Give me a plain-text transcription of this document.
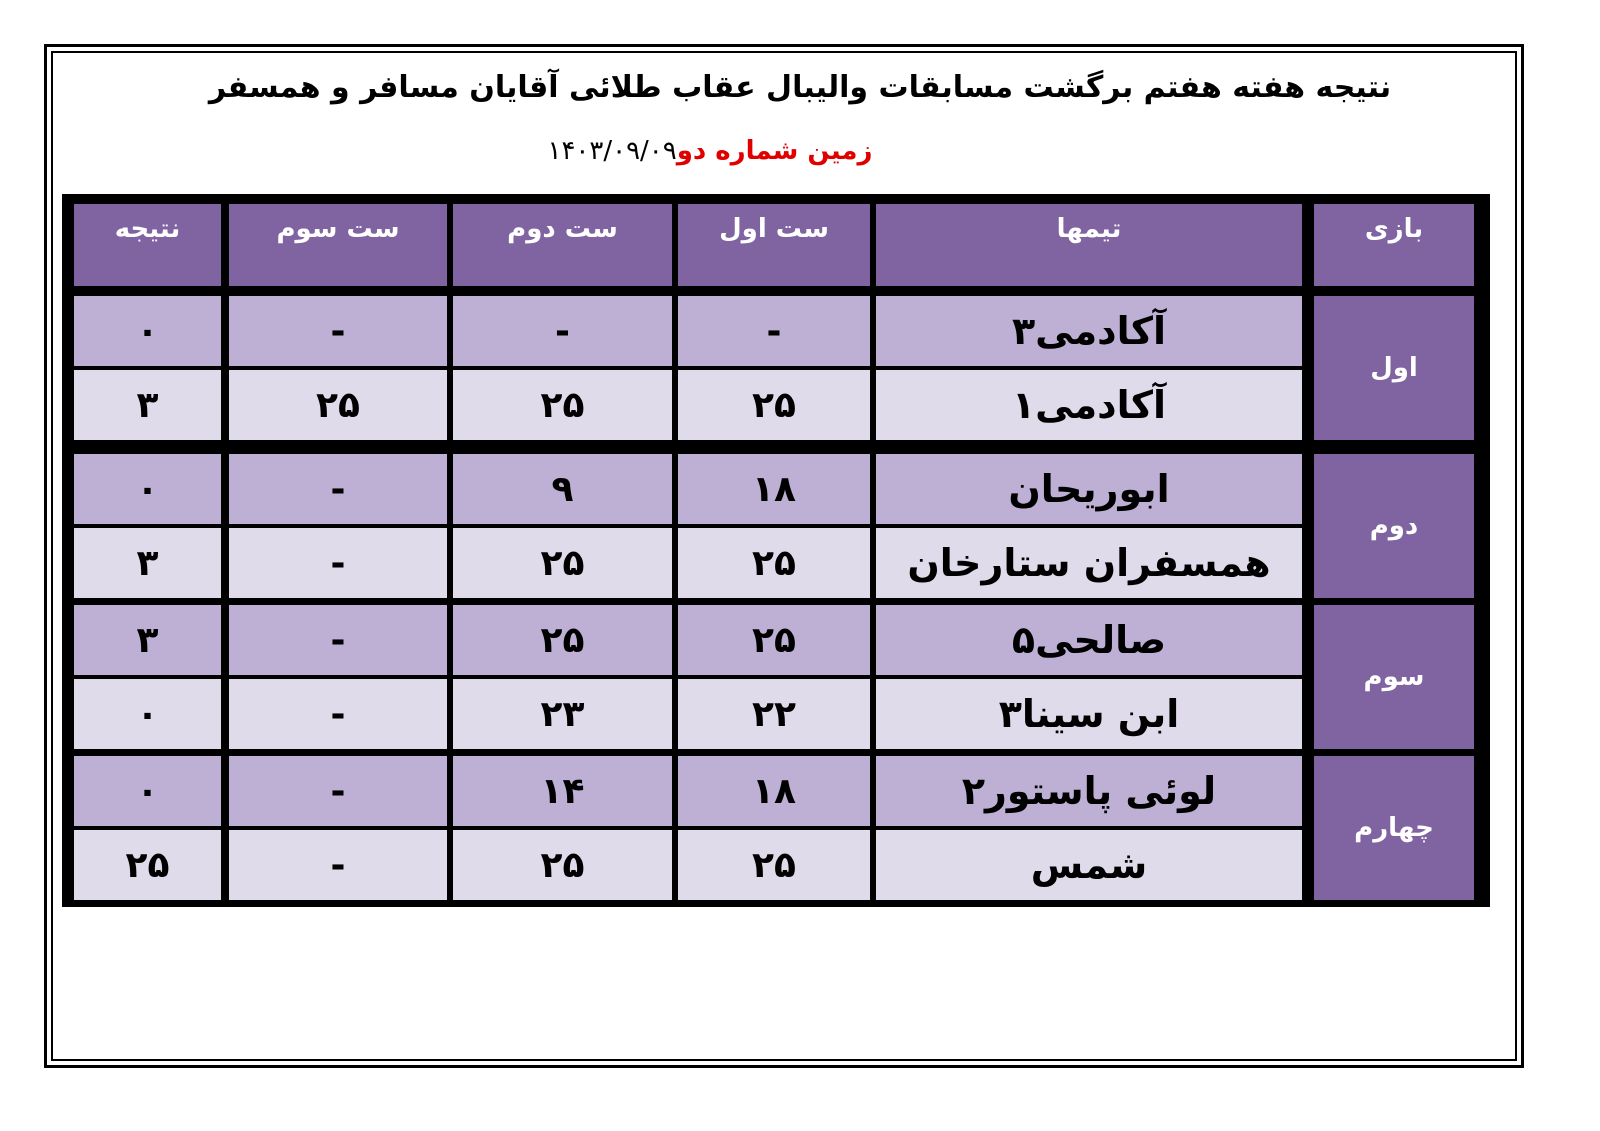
نتیجه هفته هفتم برگشت مسابقات والیبال عقاب طلائی آقایان مسافر و همسفر
زمین شماره دو۱۴۰۳/۰۹/۰۹
بازی
تیمها
ست اول
ست دوم
ست سوم
نتیجه
اول
آکادمی۳
-
-
-
۰
آکادمی۱
۲۵
۲۵
۲۵
۳
دوم
ابوریحان
۱۸
۹
-
۰
همسفران ستارخان
۲۵
۲۵
-
۳
سوم
صالحی۵
۲۵
۲۵
-
۳
ابن سینا۳
۲۲
۲۳
-
۰
چهارم
لوئی پاستور۲
۱۸
۱۴
-
۰
شمس
۲۵
۲۵
-
۲۵
